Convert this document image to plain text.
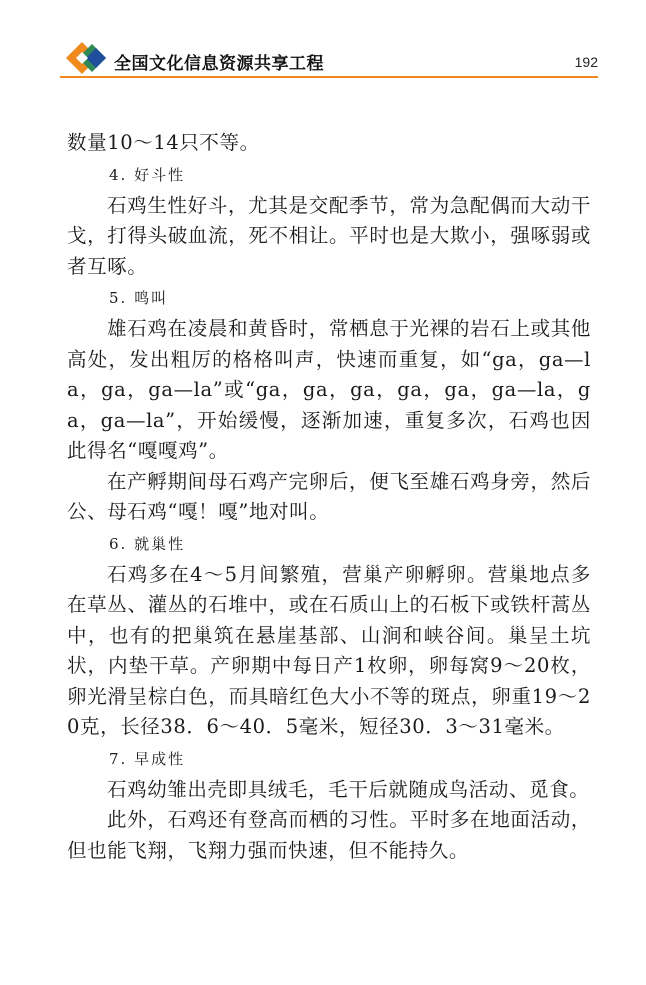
全国文化信息资源共享工程	192

数量10～14只不等。

4. 好斗性

石鸡生性好斗，尤其是交配季节，常为急配偶而大动干戈，打得头破血流，死不相让。平时也是大欺小，强啄弱或者互啄。

5. 鸣叫

雄石鸡在凌晨和黄昏时，常栖息于光裸的岩石上或其他高处，发出粗厉的格格叫声，快速而重复，如“ga，ga—la，ga，ga—la”或“ga，ga，ga，ga，ga，ga—la，ga，ga—la”，开始缓慢，逐渐加速，重复多次，石鸡也因此得名“嘎嘎鸡”。

在产孵期间母石鸡产完卵后，便飞至雄石鸡身旁，然后公、母石鸡“嘎！嘎”地对叫。

6. 就巢性

石鸡多在4～5月间繁殖，营巢产卵孵卵。营巢地点多在草丛、灌丛的石堆中，或在石质山上的石板下或铁杆蒿丛中，也有的把巢筑在悬崖基部、山涧和峡谷间。巢呈土坑状，内垫干草。产卵期中每日产1枚卵，卵每窝9～20枚，卵光滑呈棕白色，而具暗红色大小不等的斑点，卵重19～20克，长径38．6～40．5毫米，短径30．3～31毫米。

7. 早成性

石鸡幼雏出壳即具绒毛，毛干后就随成鸟活动、觅食。

此外，石鸡还有登高而栖的习性。平时多在地面活动，但也能飞翔，飞翔力强而快速，但不能持久。
